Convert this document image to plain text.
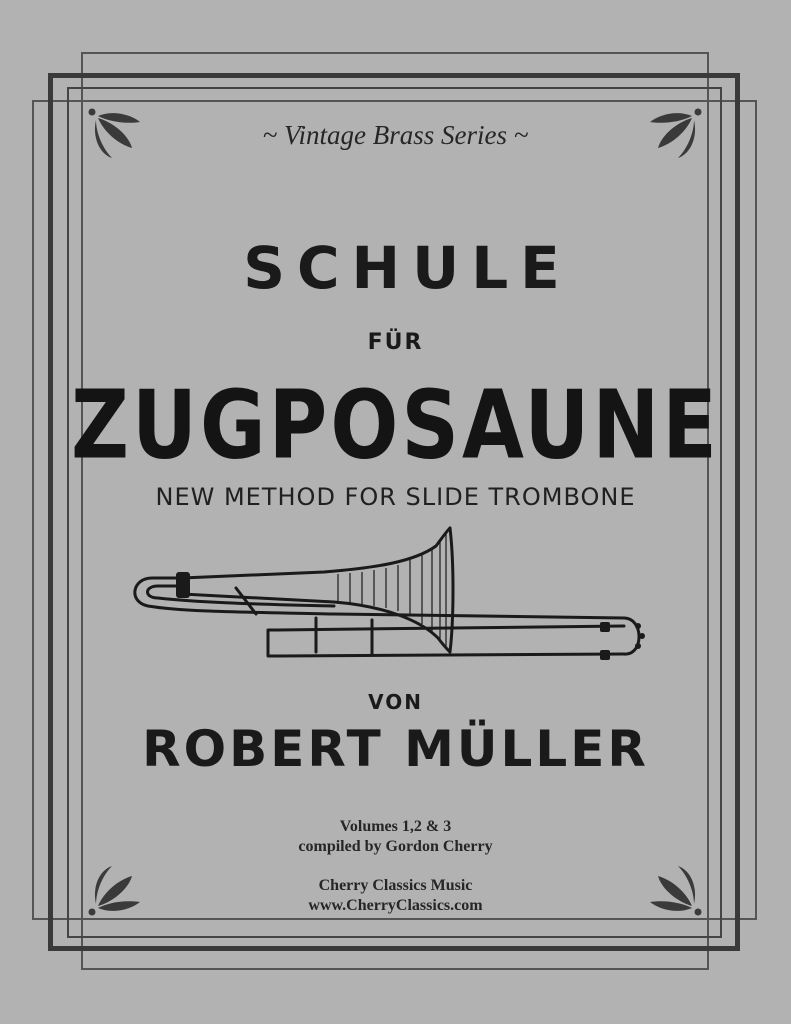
~ Vintage Brass Series ~
SCHULE
FÜR
ZUGPOSAUNE
NEW METHOD FOR SLIDE TROMBONE
VON
ROBERT MÜLLER
Volumes 1,2 & 3
compiled by Gordon Cherry
Cherry Classics Music
www.CherryClassics.com
